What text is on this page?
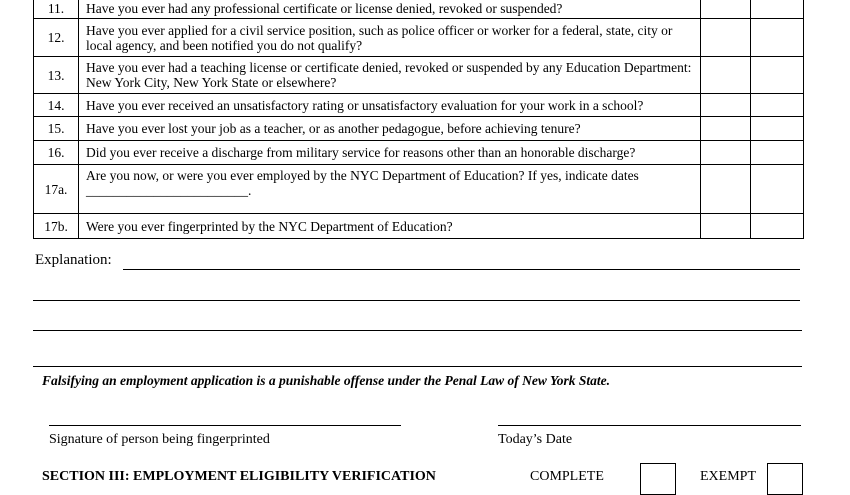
11.	Have you ever had any professional certificate or license denied, revoked or suspended?		
12.	Have you ever applied for a civil service position, such as police officer or worker for a federal, state, city or local agency, and been notified you do not qualify?		
13.	Have you ever had a teaching license or certificate denied, revoked or suspended by any Education Department: New York City, New York State or elsewhere?		
14.	Have you ever received an unsatisfactory rating or unsatisfactory evaluation for your work in a school?		
15.	Have you ever lost your job as a teacher, or as another pedagogue, before achieving tenure?		
16.	Did you ever receive a discharge from military service for reasons other than an honorable discharge?		
17a.	Are you now, or were you ever employed by the NYC Department of Education? If yes, indicate dates
________________________.		
17b.	Were you ever fingerprinted by the NYC Department of Education?		
Explanation:
Falsifying an employment application is a punishable offense under the Penal Law of New York State.
Signature of person being fingerprinted	Today’s Date
SECTION III: EMPLOYMENT ELIGIBILITY VERIFICATION	COMPLETE	EXEMPT
